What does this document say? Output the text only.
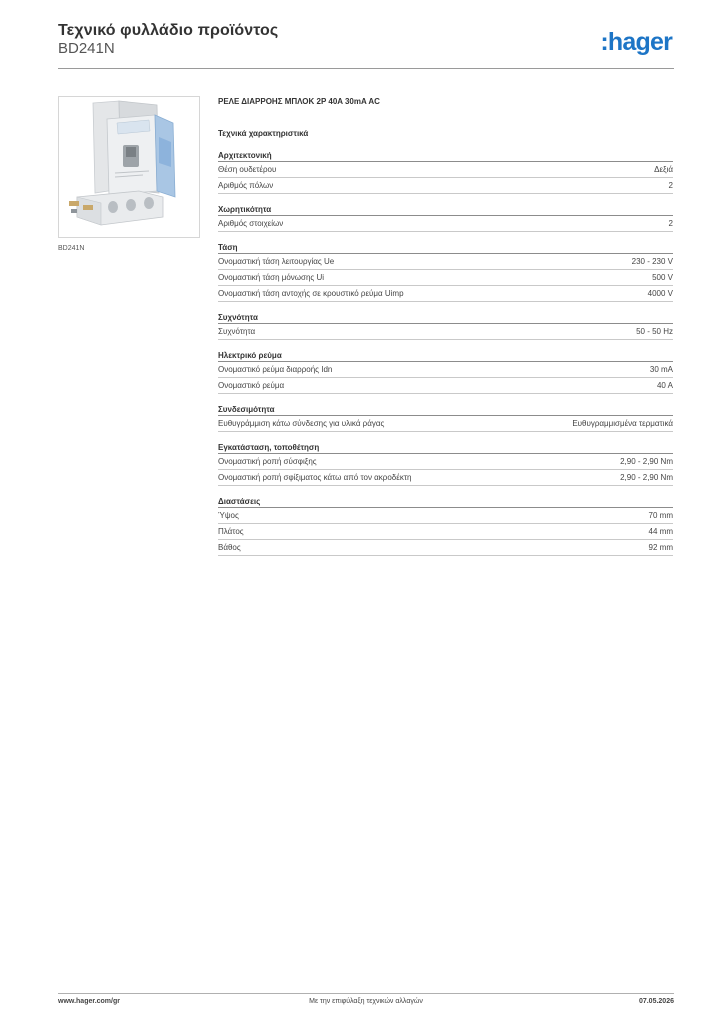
Τεχνικό φυλλάδιο προϊόντος
BD241N	:hager
BD241N
ΡΕΛΕ ΔΙΑΡΡΟΗΣ ΜΠΛΟΚ 2P 40A 30mA AC
Τεχνικά χαρακτηριστικά
Αρχιτεκτονική
Θέση ουδετέρου	Δεξιά
Αριθμός πόλων	2
Χωρητικότητα
Αριθμός στοιχείων	2
Τάση
Ονομαστική τάση λειτουργίας Ue	230 - 230 V
Ονομαστική τάση μόνωσης Ui	500 V
Ονομαστική τάση αντοχής σε κρουστικό ρεύμα Uimp	4000 V
Συχνότητα
Συχνότητα	50 - 50 Hz
Ηλεκτρικό ρεύμα
Ονομαστικό ρεύμα διαρροής Idn	30 mA
Ονομαστικό ρεύμα	40 A
Συνδεσιμότητα
Ευθυγράμμιση κάτω σύνδεσης για υλικά ράγας	Ευθυγραμμισμένα τερματικά
Εγκατάσταση, τοποθέτηση
Ονομαστική ροπή σύσφιξης	2,90 - 2,90 Nm
Ονομαστική ροπή σφίξιματος κάτω από τον ακροδέκτη	2,90 - 2,90 Nm
Διαστάσεις
Ύψος	70 mm
Πλάτος	44 mm
Βάθος	92 mm
www.hager.com/gr	Με την επιφύλαξη τεχνικών αλλαγών	07.05.2026
